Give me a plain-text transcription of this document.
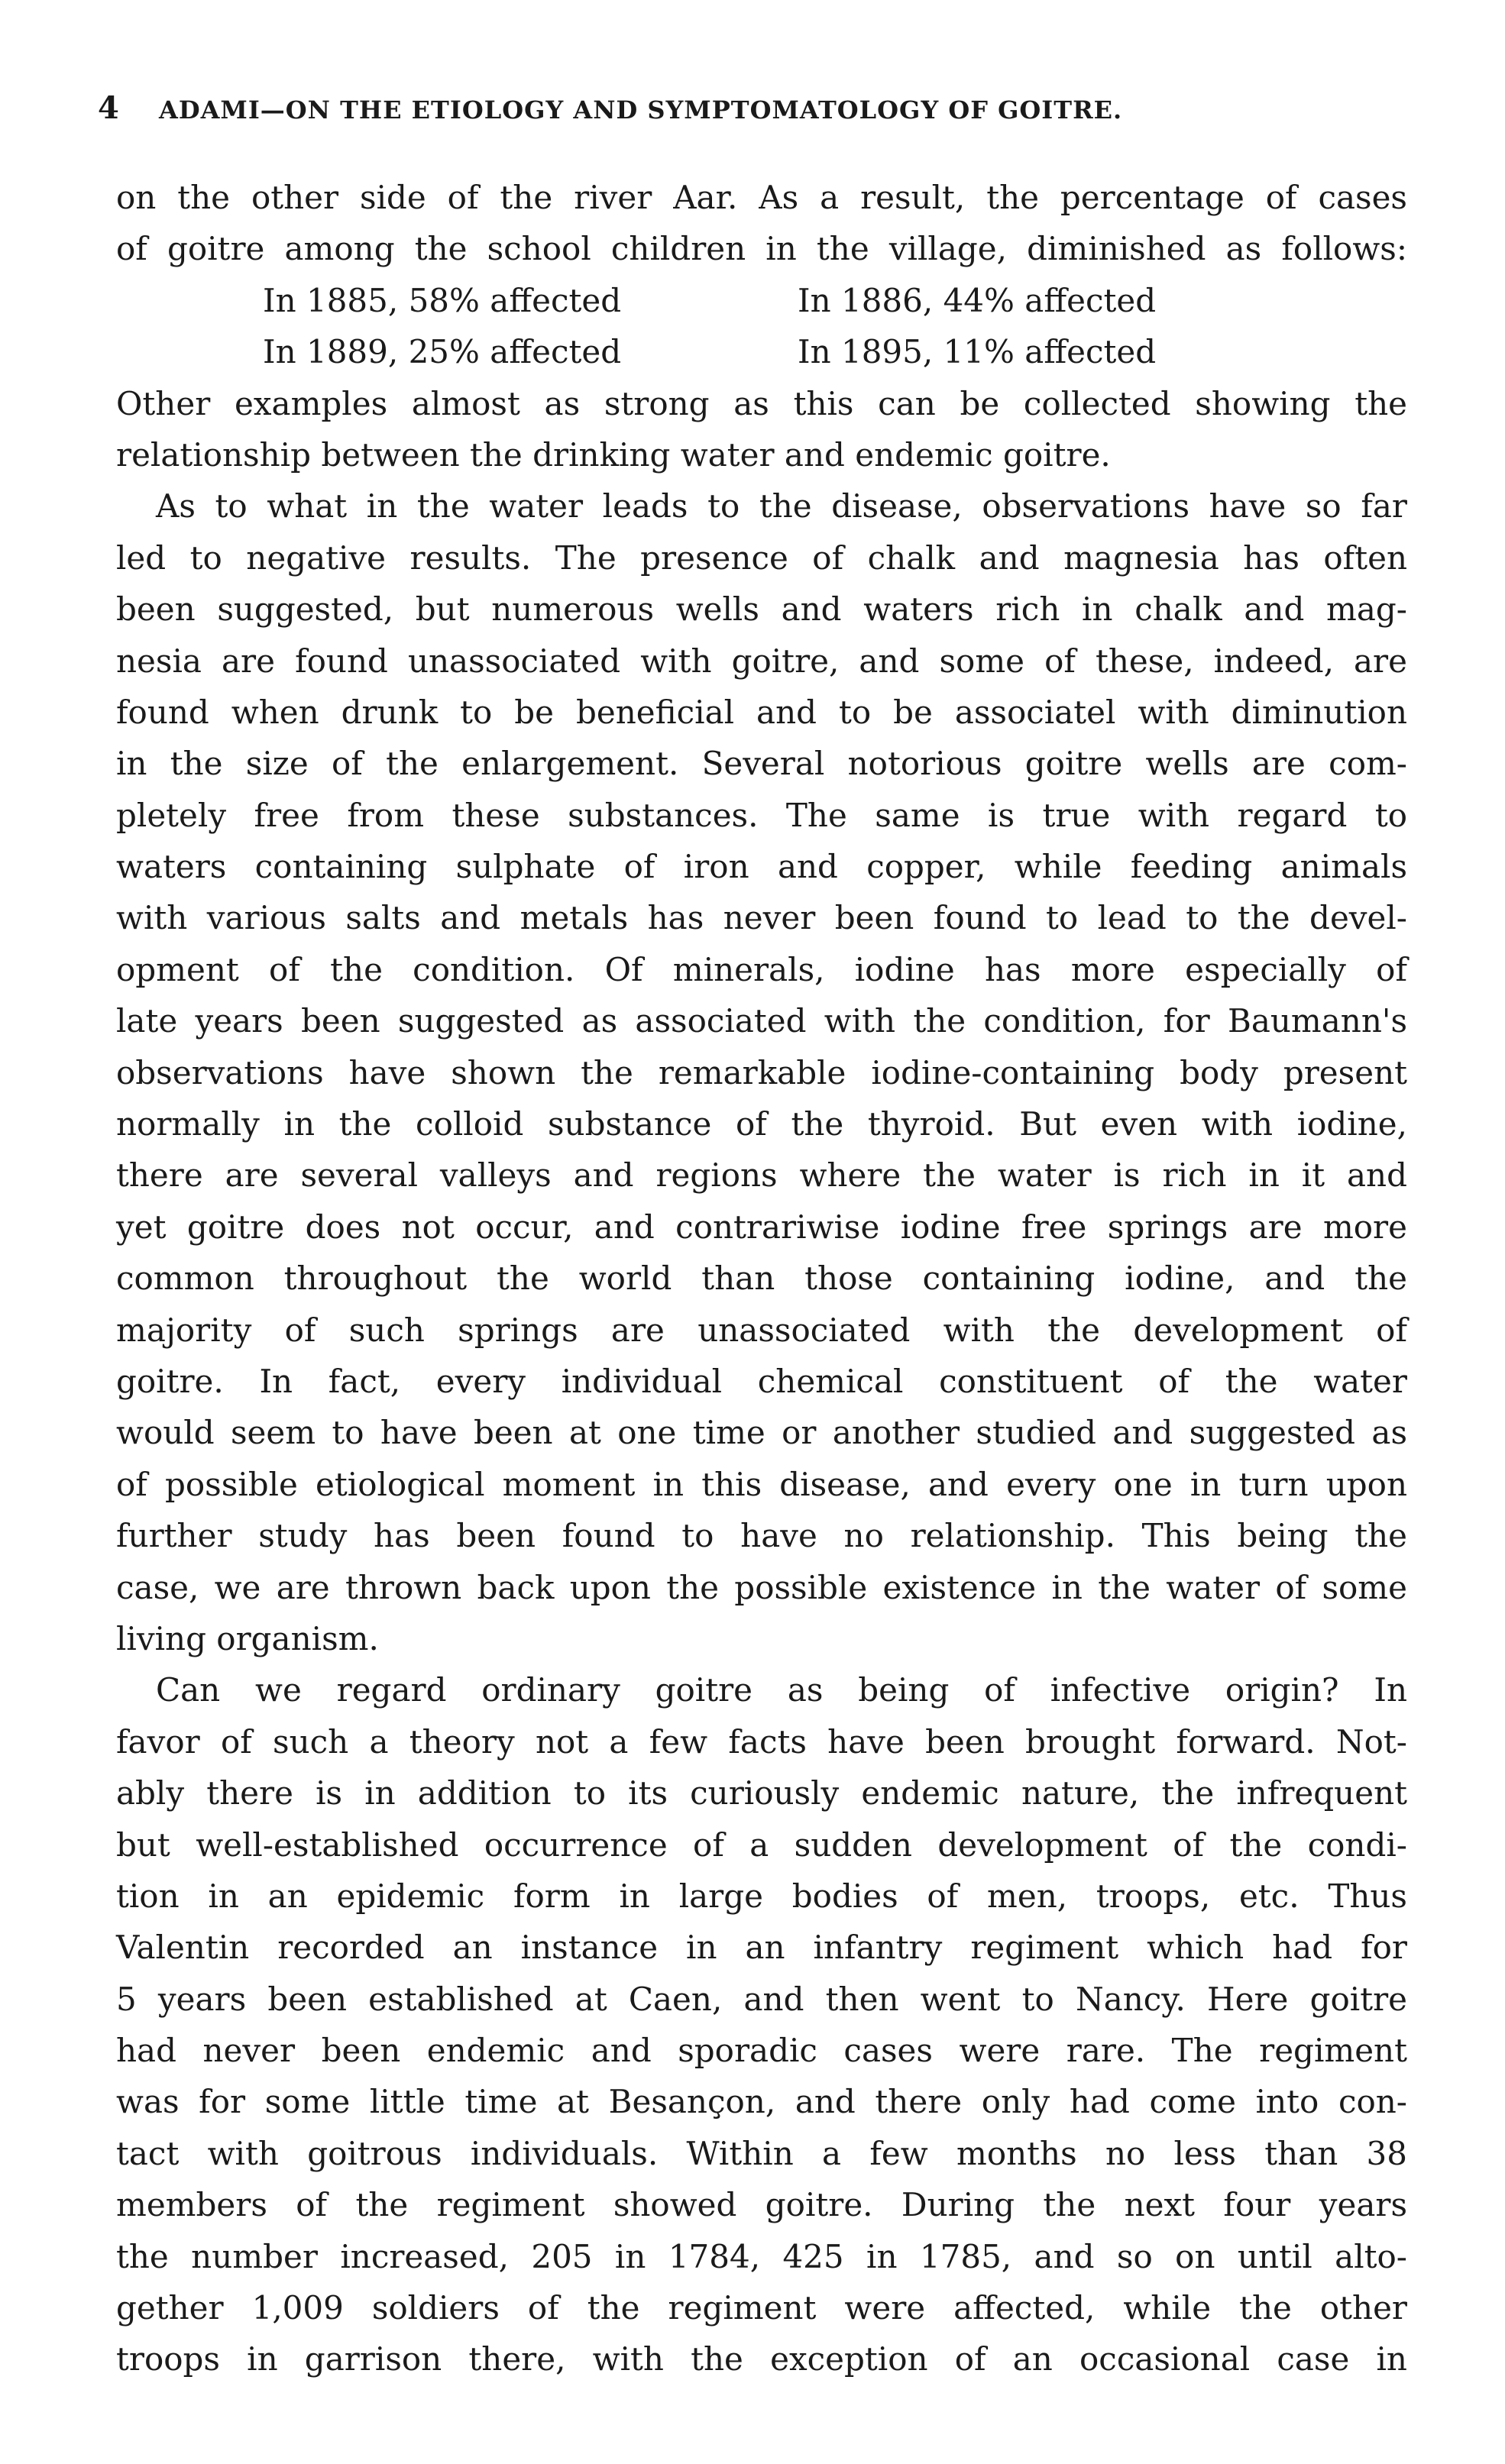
4	ADAMI—ON THE ETIOLOGY AND SYMPTOMATOLOGY OF GOITRE.
on the other side of the river Aar. As a result, the percentage of cases
of goitre among the school children in the village, diminished as follows:
In 1885, 58% affected	In 1886, 44% affected
In 1889, 25% affected	In 1895, 11% affected
Other examples almost as strong as this can be collected showing the
relationship between the drinking water and endemic goitre.
As to what in the water leads to the disease, observations have so far
led to negative results. The presence of chalk and magnesia has often
been suggested, but numerous wells and waters rich in chalk and mag-
nesia are found unassociated with goitre, and some of these, indeed, are
found when drunk to be beneficial and to be associatel with diminution
in the size of the enlargement. Several notorious goitre wells are com-
pletely free from these substances. The same is true with regard to
waters containing sulphate of iron and copper, while feeding animals
with various salts and metals has never been found to lead to the devel-
opment of the condition. Of minerals, iodine has more especially of
late years been suggested as associated with the condition, for Baumann's
observations have shown the remarkable iodine-containing body present
normally in the colloid substance of the thyroid. But even with iodine,
there are several valleys and regions where the water is rich in it and
yet goitre does not occur, and contrariwise iodine free springs are more
common throughout the world than those containing iodine, and the
majority of such springs are unassociated with the development of
goitre. In fact, every individual chemical constituent of the water
would seem to have been at one time or another studied and suggested as
of possible etiological moment in this disease, and every one in turn upon
further study has been found to have no relationship. This being the
case, we are thrown back upon the possible existence in the water of some
living organism.
Can we regard ordinary goitre as being of infective origin? In
favor of such a theory not a few facts have been brought forward. Not-
ably there is in addition to its curiously endemic nature, the infrequent
but well-established occurrence of a sudden development of the condi-
tion in an epidemic form in large bodies of men, troops, etc. Thus
Valentin recorded an instance in an infantry regiment which had for
5 years been established at Caen, and then went to Nancy. Here goitre
had never been endemic and sporadic cases were rare. The regiment
was for some little time at Besançon, and there only had come into con-
tact with goitrous individuals. Within a few months no less than 38
members of the regiment showed goitre. During the next four years
the number increased, 205 in 1784, 425 in 1785, and so on until alto-
gether 1,009 soldiers of the regiment were affected, while the other
troops in garrison there, with the exception of an occasional case in
